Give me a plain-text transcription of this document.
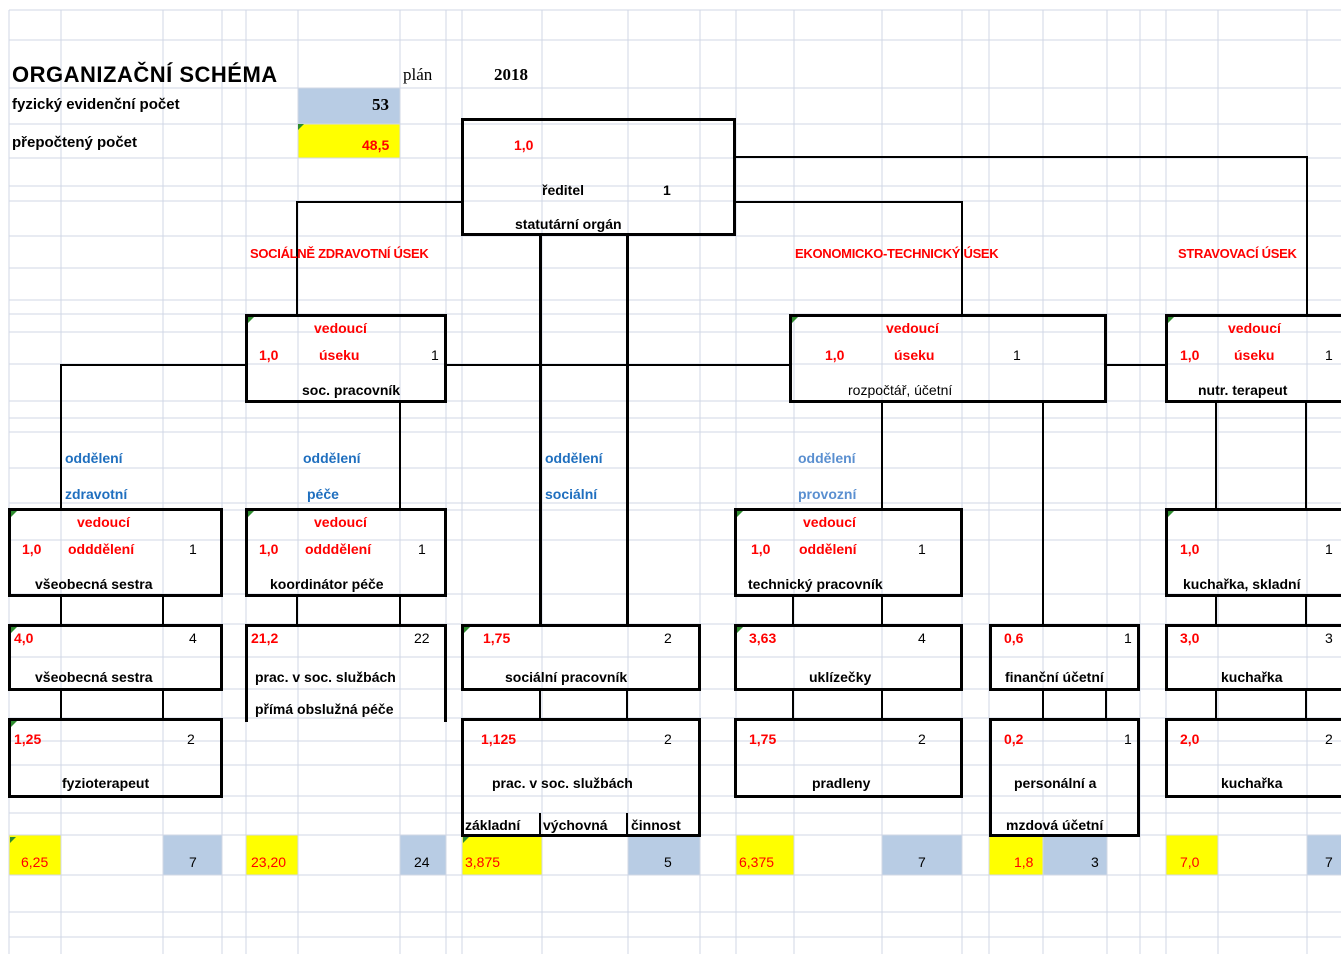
ORGANIZAČNÍ SCHÉMA	plán	2018
fyzický evidenční počet	53
přepočtený počet	48,5	1,0
ředitel	1
statutární orgán
SOCIÁLNĚ ZDRAVOTNÍ ÚSEK	EKONOMICKO-TECHNICKÝ ÚSEK	STRAVOVACÍ ÚSEK
vedoucí
1,0	úseku	1
soc. pracovník
vedoucí
1,0	úseku	1
rozpočtář, účetní
vedoucí
1,0 úseku	1
nutr. terapeut
oddělení
zdravotní
oddělení
péče
oddělení
sociální
oddělení
provozní
vedoucí
1,0 odddělení	1
všeobecná sestra
vedoucí
1,0 odddělení	1
koordinátor péče
vedoucí
1,0 oddělení	1
technický pracovník
1,0	1
kuchařka, skladní
4,0	4
všeobecná sestra
21,2	22
prac. v soc. službách
přímá obslužná péče
1,75	2
sociální pracovník
3,63	4
uklízečky
0,6	1
finanční účetní
3,0	3
kuchařka
1,25	2
fyzioterapeut
1,125	2
prac. v soc. službách
základní výchovná činnost
1,75	2
pradleny
0,2	1
personální a
mzdová účetní
2,0	2
kuchařka
6,25	7	23,20	24	3,875	5	6,375	7	1,8	3	7,0	7
